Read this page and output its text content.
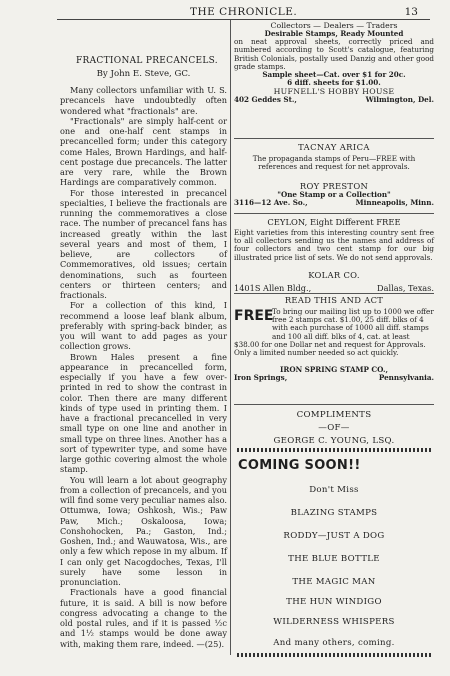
THE CHRONICLE.	13
FRACTIONAL PRECANCELS.
By John E. Steve, GC.

Many collectors unfamiliar with U. S. precancels have undoubtedly often wondered what "fractionals" are.

"Fractionals" are simply half-cent or one and one-half cent stamps in precancelled form; under this category come Hales, Brown Hardings, and half-cent postage due precancels. The latter are very rare, while the Brown Hardings are comparatively common.

For those interested in precancel specialties, I believe the fractionals are running the commemoratives a close race. The number of precancel fans has increased greatly within the last several years and most of them, I believe, are collectors of Commemoratives, old issues; certain denominations, such as fourteen centers or thirteen centers; and fractionals.

For a collection of this kind, I recommend a loose leaf blank album, preferably with spring-back binder, as you will want to add pages as your collection grows.

Brown Hales present a fine appearance in precancelled form, especially if you have a few over-printed in red to show the contrast in color. Then there are many different kinds of type used in printing them. I have a fractional precancelled in very small type on one line and another in small type on three lines. Another has a sort of typewriter type, and some have large gothic covering almost the whole stamp.

You will learn a lot about geography from a collection of precancels, and you will find some very peculiar names also. Ottumwa, Iowa; Oshkosh, Wis.; Paw Paw, Mich.; Oskaloosa, Iowa; Conshohocken, Pa.; Gaston, Ind.; Goshen, Ind.; and Wauwatosa, Wis., are only a few which repose in my album. If I can only get Nacogdoches, Texas, I'll surely have some lesson in pronunciation.

Fractionals have a good financial future, it is said. A bill is now before congress advocating a change to the old postal rules, and if it is passed ½c and 1½ stamps would be done away with, making them rare, indeed. —(25).

Collectors — Dealers — Traders
Desirable Stamps, Ready Mounted
on neat approval sheets, correctly priced and numbered according to Scott's catalogue, featuring British Colonials, postally used Danzig and other good grade stamps.
Sample sheet—Cat. over $1 for 20c.
6 diff. sheets for $1.00.
HUFNELL'S HOBBY HOUSE
402 Geddes St.,	Wilmington, Del.
TACNAY ARICA
The propaganda stamps of Peru—FREE with references and request for net approvals.
ROY PRESTON
"One Stamp or a Collection"
3116—12 Ave. So.,	Minneapolis, Minn.
CEYLON, Eight Different FREE
Eight varieties from this interesting country sent free to all collectors sending us the names and address of four collectors and two cent stamp for our big illustrated price list of sets. We do not send approvals.
KOLAR CO.
1401S Allen Bldg.,	Dallas, Texas.
READ THIS AND ACT
FREE
To bring our mailing list up to 1000 we offer free 2 stamps cat. $1.00, 25 diff. blks of 4 with each purchase of 1000 all diff. stamps and 100 all diff. blks of 4, cat. at least
$38.00 for one Dollar net and request for Approvals. Only a limited number needed so act quickly.
IRON SPRING STAMP CO.,
Iron Springs,	Pennsylvania.
COMPLIMENTS
—OF—
GEORGE C. YOUNG, LSQ.
COMING SOON!!
Don't Miss
BLAZING STAMPS
RODDY—JUST A DOG
THE BLUE BOTTLE
THE MAGIC MAN
THE HUN WINDIGO
WILDERNESS WHISPERS
And many others, coming.
